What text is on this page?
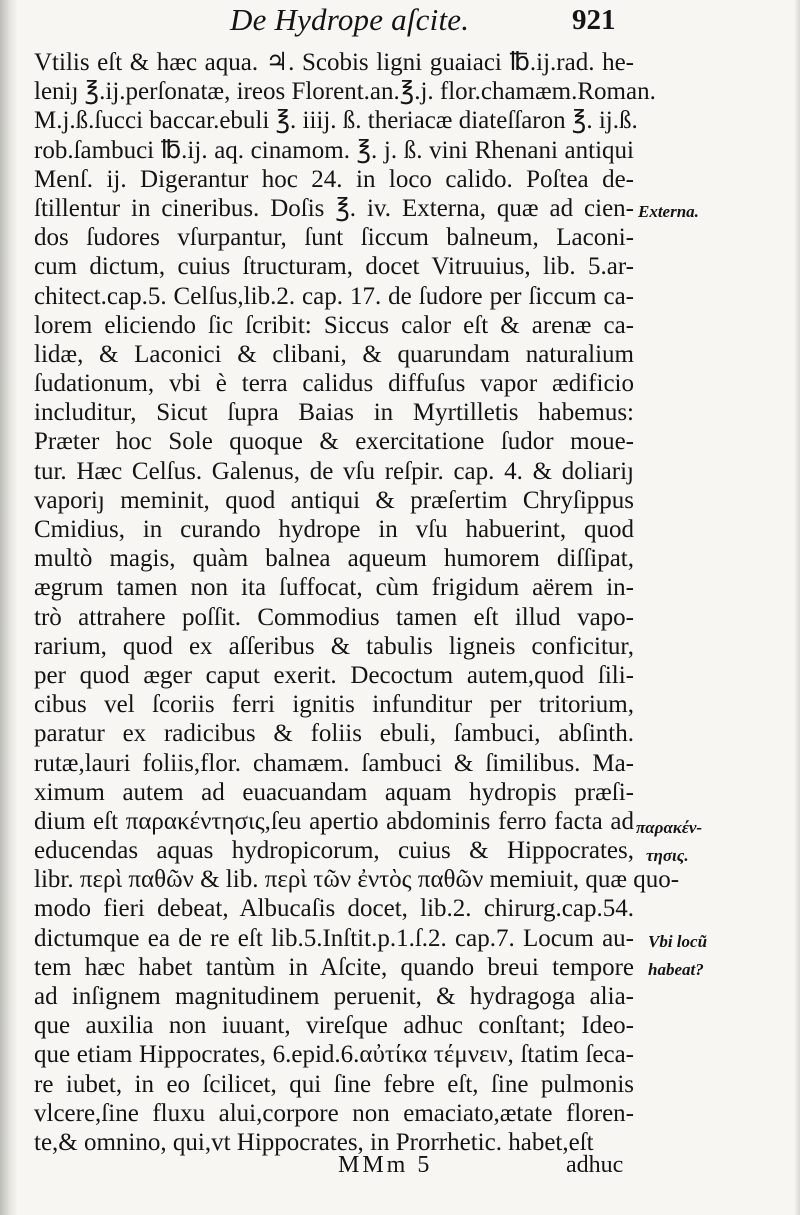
De Hydrope aſcite.	921
Vtilis eſt & hæc aqua. ♃. Scobis ligni guaiaci ℔.ij.rad. he-
leniȷ ℥.ij.perſonatæ, ireos Florent.an.℥.j. flor.chamæm.Roman.
M.j.ß.ſucci baccar.ebuli ℥. iiij. ß. theriacæ diateſſaron ℥. ij.ß.
rob.ſambuci ℔.ij. aq. cinamom. ℥. j. ß. vini Rhenani antiqui
Menſ. ij. Digerantur hoc 24. in loco calido. Poſtea de-
ſtillentur in cineribus. Doſis ℥. iv. Externa, quæ ad cien-
dos ſudores vſurpantur, ſunt ſiccum balneum, Laconi-
cum dictum, cuius ſtructuram, docet Vitruuius, lib. 5.ar-
chitect.cap.5. Celſus,lib.2. cap. 17. de ſudore per ſiccum ca-
lorem eliciendo ſic ſcribit: Siccus calor eſt & arenæ ca-
lidæ, & Laconici & clibani, & quarundam naturalium
ſudationum, vbi è terra calidus diffuſus vapor ædificio
includitur, Sicut ſupra Baias in Myrtilletis habemus:
Præter hoc Sole quoque & exercitatione ſudor moue-
tur. Hæc Celſus. Galenus, de vſu reſpir. cap. 4. & doliariȷ
vaporiȷ meminit, quod antiqui & præſertim Chryſippus
Cmidius, in curando hydrope in vſu habuerint, quod
multò magis, quàm balnea aqueum humorem diſſipat,
ægrum tamen non ita ſuffocat, cùm frigidum aërem in-
trò attrahere poſſit. Commodius tamen eſt illud vapo-
rarium, quod ex aſſeribus & tabulis ligneis conficitur,
per quod æger caput exerit. Decoctum autem,quod ſili-
cibus vel ſcoriis ferri ignitis infunditur per tritorium,
paratur ex radicibus & foliis ebuli, ſambuci, abſinth.
rutæ,lauri foliis,flor. chamæm. ſambuci & ſimilibus. Ma-
ximum autem ad euacuandam aquam hydropis præſi-
dium eſt παρακέντησις,ſeu apertio abdominis ferro facta ad
educendas aquas hydropicorum, cuius & Hippocrates,
libr. περὶ παθῶν & lib. περὶ τῶν ἐντὸς παθῶν memiuit, quæ quo-
modo fieri debeat, Albucaſis docet, lib.2. chirurg.cap.54.
dictumque ea de re eſt lib.5.Inſtit.p.1.ſ.2. cap.7. Locum au-
tem hæc habet tantùm in Aſcite, quando breui tempore
ad inſignem magnitudinem peruenit, & hydragoga alia-
que auxilia non iuuant, vireſque adhuc conſtant; Ideo-
que etiam Hippocrates, 6.epid.6.αὐτίκα τέμνειν, ſtatim ſeca-
re iubet, in eo ſcilicet, qui ſine febre eſt, ſine pulmonis
vlcere,ſine fluxu alui,corpore non emaciato,ætate floren-
te,& omnino, qui,vt Hippocrates, in Prorrhetic. habet,eſt
Externa.
παρακέν-
τησις.
Vbi locũ
habeat?
MMm 5	adhuc
